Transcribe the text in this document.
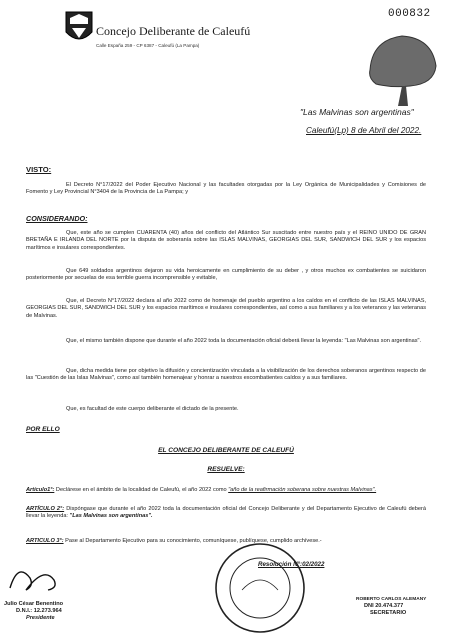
Concejo Deliberante de Caleufú
Calle España 259 - CP 6387 - Caleufú (La Pampa)
000832
"Las Malvinas son argentinas"
Caleufú(Lp) 8 de Abril del 2022.
VISTO:
El Decreto N°17/2022 del Poder Ejecutivo Nacional y las facultades otorgadas por la Ley Orgánica de Municipalidades y Comisiones de Fomento y Ley Provincial N°3404 de la Provincia de La Pampa; y
CONSIDERANDO:
Que, este año se cumplen CUARENTA (40) años del conflicto del Atlántico Sur suscitado entre nuestro país y el REINO UNIDO DE GRAN BRETAÑA E IRLANDA DEL NORTE por la disputa de soberanía sobre las ISLAS MALVINAS, GEORGIAS DEL SUR, SANDWICH DEL SUR y los espacios marítimos e insulares correspondientes.
Que 649 soldados argentinos dejaron su vida heroicamente en cumplimiento de su deber , y otros muchos ex combatientes se suicidaron posteriormente por secuelas de esa terrible guerra incomprensible y evitable,
Que, el Decreto N°17/2022 declara al año 2022 como de homenaje del pueblo argentino a los caídos en el conflicto de las ISLAS MALVINAS, GEORGIAS DEL SUR, SANDWICH DEL SUR y los espacios marítimos e insulares correspondientes, así como a sus familiares y a los veteranos y las veteranas de Malvinas.
Que, el mismo también dispone que durante el año 2022 toda la documentación oficial deberá llevar la leyenda: "Las Malvinas son argentinas".
Que, dicha medida tiene por objetivo la difusión y concientización vinculada a la visibilización de los derechos soberanos argentinos respecto de las "Cuestión de las Islas Malvinas", como así también homenajear y honrar a nuestros excombatientes caídos y a sus familiares.
Que, es facultad de este cuerpo deliberante el dictado de la presente.
POR ELLO
EL CONCEJO DELIBERANTE DE CALEUFÚ
RESUELVE:
Artículo1°: Declárese en el ámbito de la localidad de Caleufú, el año 2022 como "año de la reafirmación soberana sobre nuestras Malvinas".
ARTÍCULO 2°: Dispóngase que durante el año 2022 toda la documentación oficial del Concejo Deliberante y del Departamento Ejecutivo de Caleufú deberá llevar la leyenda: "Las Malvinas son argentinas".
ARTICULO 3°: Pase al Departamento Ejecutivo para su conocimiento, comuníquese, publíquese, cumplido archívese.-
Resolución N°:02/2022
Julio César Benentino
D.N.I.: 12.273.964
Presidente
ROBERTO CARLOS ALEMANY
DNI 20.474.377
SECRETARIO
